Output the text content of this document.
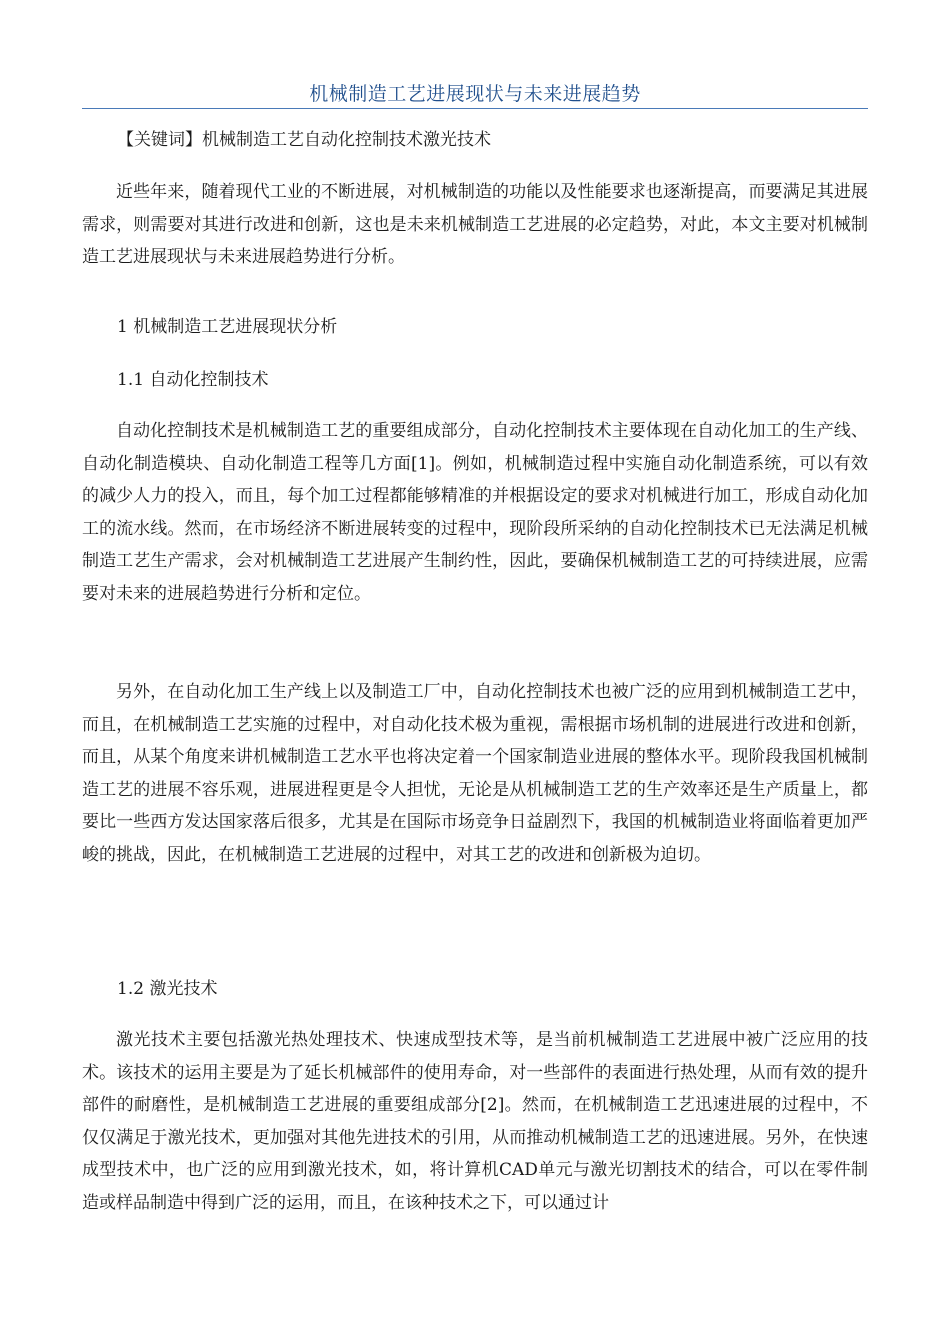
机械制造工艺进展现状与未来进展趋势
【关键词】机械制造工艺自动化控制技术激光技术

近些年来，随着现代工业的不断进展，对机械制造的功能以及性能要求也逐渐提高，而要满足其进展需求，则需要对其进行改进和创新，这也是未来机械制造工艺进展的必定趋势，对此，本文主要对机械制造工艺进展现状与未来进展趋势进行分析。

1 机械制造工艺进展现状分析
1.1 自动化控制技术

自动化控制技术是机械制造工艺的重要组成部分，自动化控制技术主要体现在自动化加工的生产线、自动化制造模块、自动化制造工程等几方面[1]。例如，机械制造过程中实施自动化制造系统，可以有效的减少人力的投入，而且，每个加工过程都能够精准的并根据设定的要求对机械进行加工，形成自动化加工的流水线。然而，在市场经济不断进展转变的过程中，现阶段所采纳的自动化控制技术已无法满足机械制造工艺生产需求，会对机械制造工艺进展产生制约性，因此，要确保机械制造工艺的可持续进展，应需要对未来的进展趋势进行分析和定位。

另外，在自动化加工生产线上以及制造工厂中，自动化控制技术也被广泛的应用到机械制造工艺中，而且，在机械制造工艺实施的过程中，对自动化技术极为重视，需根据市场机制的进展进行改进和创新，而且，从某个角度来讲机械制造工艺水平也将决定着一个国家制造业进展的整体水平。现阶段我国机械制造工艺的进展不容乐观，进展进程更是令人担忧，无论是从机械制造工艺的生产效率还是生产质量上，都要比一些西方发达国家落后很多，尤其是在国际市场竞争日益剧烈下，我国的机械制造业将面临着更加严峻的挑战，因此，在机械制造工艺进展的过程中，对其工艺的改进和创新极为迫切。

1.2 激光技术

激光技术主要包括激光热处理技术、快速成型技术等，是当前机械制造工艺进展中被广泛应用的技术。该技术的运用主要是为了延长机械部件的使用寿命，对一些部件的表面进行热处理，从而有效的提升部件的耐磨性，是机械制造工艺进展的重要组成部分[2]。然而，在机械制造工艺迅速进展的过程中，不仅仅满足于激光技术，更加强对其他先进技术的引用，从而推动机械制造工艺的迅速进展。另外，在快速成型技术中，也广泛的应用到激光技术，如，将计算机CAD单元与激光切割技术的结合，可以在零件制造或样品制造中得到广泛的运用，而且，在该种技术之下，可以通过计
